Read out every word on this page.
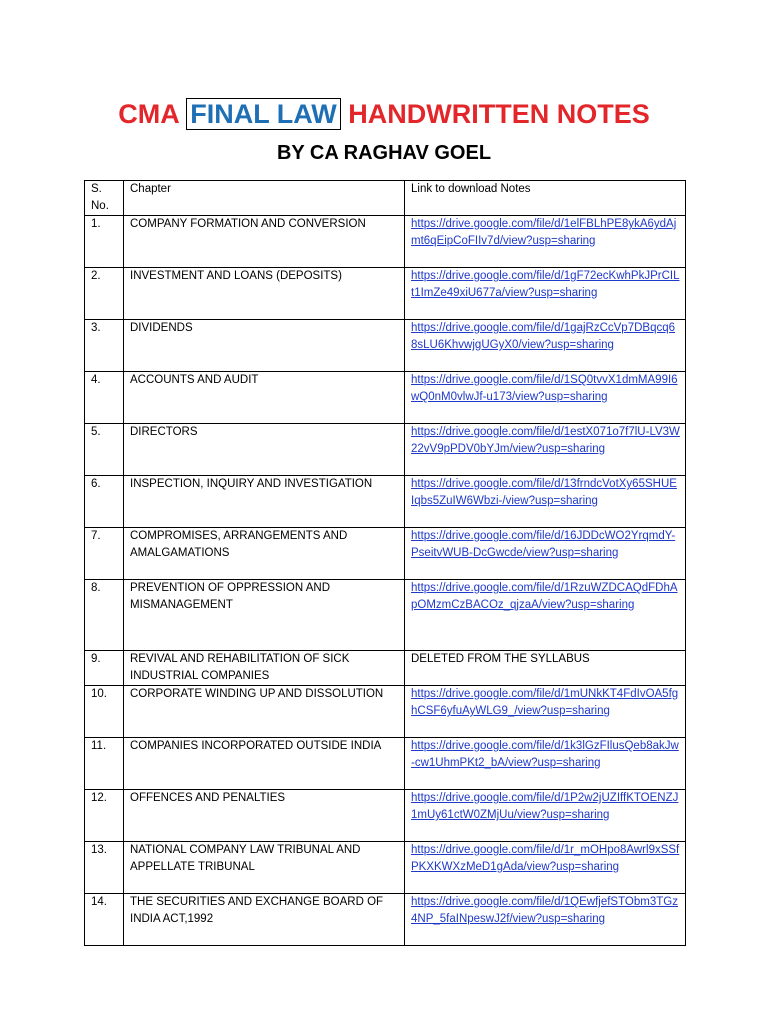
CMA FINAL LAW HANDWRITTEN NOTES
BY CA RAGHAV GOEL
S. No.	Chapter	Link to download Notes
1.	COMPANY FORMATION AND CONVERSION	https://drive.google.com/file/d/1elFBLhPE8ykA6ydAjmt6qEipCoFIIv7d/view?usp=sharing
2.	INVESTMENT AND LOANS (DEPOSITS)	https://drive.google.com/file/d/1gF72ecKwhPkJPrCILt1ImZe49xiU677a/view?usp=sharing
3.	DIVIDENDS	https://drive.google.com/file/d/1gajRzCcVp7DBqcq68sLU6KhvwjgUGyX0/view?usp=sharing
4.	ACCOUNTS AND AUDIT	https://drive.google.com/file/d/1SQ0tvvX1dmMA99I6wQ0nM0vlwJf-u173/view?usp=sharing
5.	DIRECTORS	https://drive.google.com/file/d/1estX071o7f7lU-LV3W22vV9pPDV0bYJm/view?usp=sharing
6.	INSPECTION, INQUIRY AND INVESTIGATION	https://drive.google.com/file/d/13frndcVotXy65SHUEIqbs5ZuIW6Wbzi-/view?usp=sharing
7.	COMPROMISES, ARRANGEMENTS AND AMALGAMATIONS	https://drive.google.com/file/d/16JDDcWO2YrqmdY-PseitvWUB-DcGwcde/view?usp=sharing
8.	PREVENTION OF OPPRESSION AND MISMANAGEMENT	https://drive.google.com/file/d/1RzuWZDCAQdFDhApOMzmCzBACOz_qjzaA/view?usp=sharing
9.	REVIVAL AND REHABILITATION OF SICK INDUSTRIAL COMPANIES	DELETED FROM THE SYLLABUS
10.	CORPORATE WINDING UP AND DISSOLUTION	https://drive.google.com/file/d/1mUNkKT4FdIvOA5fghCSF6yfuAyWLG9_/view?usp=sharing
11.	COMPANIES INCORPORATED OUTSIDE INDIA	https://drive.google.com/file/d/1k3lGzFIlusQeb8akJw-cw1UhmPKt2_bA/view?usp=sharing
12.	OFFENCES AND PENALTIES	https://drive.google.com/file/d/1P2w2jUZIffKTOENZJ1mUy61ctW0ZMjUu/view?usp=sharing
13.	NATIONAL COMPANY LAW TRIBUNAL AND APPELLATE TRIBUNAL	https://drive.google.com/file/d/1r_mOHpo8Awrl9xSSfPKXKWXzMeD1gAda/view?usp=sharing
14.	THE SECURITIES AND EXCHANGE BOARD OF INDIA ACT,1992	https://drive.google.com/file/d/1QEwfjefSTObm3TGz4NP_5faINpeswJ2f/view?usp=sharing
